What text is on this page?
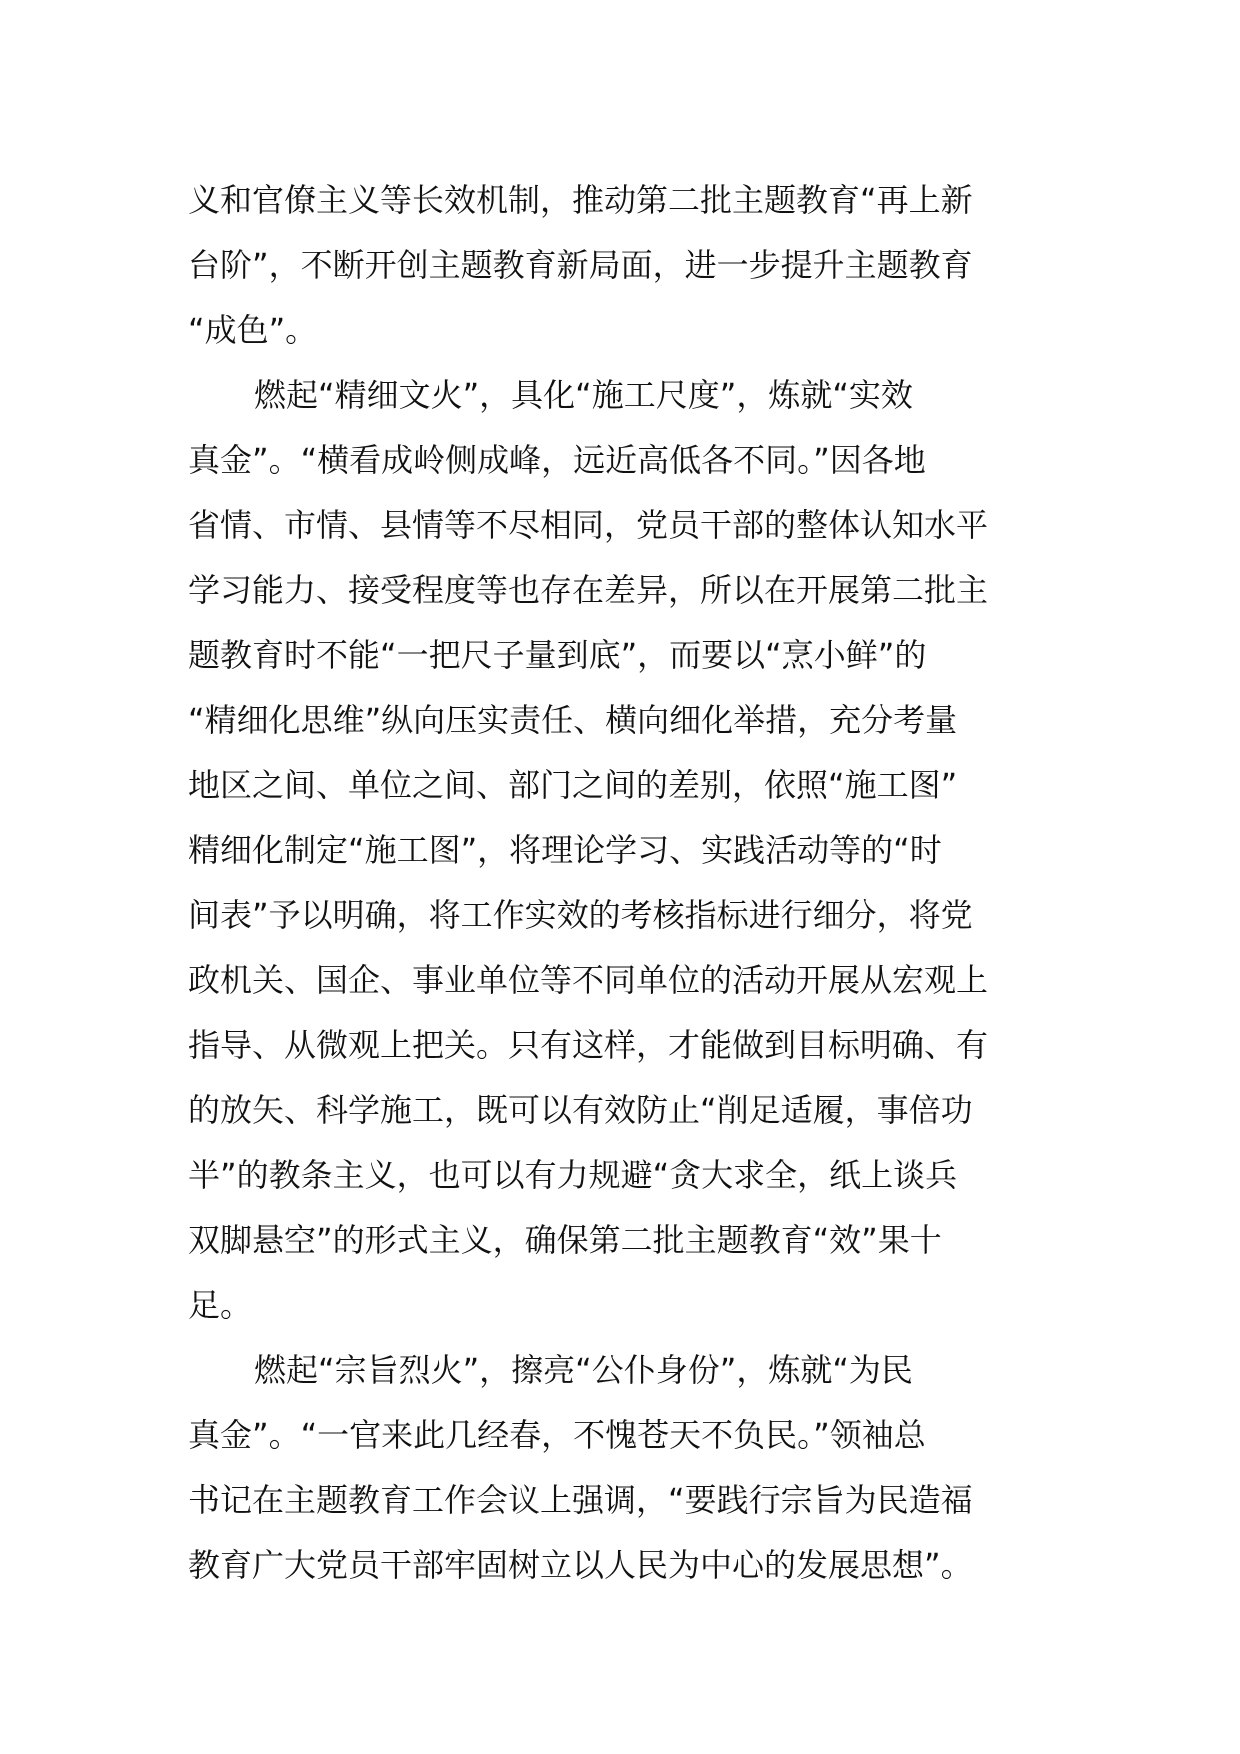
义和官僚主义等长效机制，推动第二批主题教育“再上新
台阶”，不断开创主题教育新局面，进一步提升主题教育
“成色”。
燃起“精细文火”，具化“施工尺度”，炼就“实效
真金”。“横看成岭侧成峰，远近高低各不同。”因各地
省情、市情、县情等不尽相同，党员干部的整体认知水平
学习能力、接受程度等也存在差异，所以在开展第二批主
题教育时不能“一把尺子量到底”，而要以“烹小鲜”的
“精细化思维”纵向压实责任、横向细化举措，充分考量
地区之间、单位之间、部门之间的差别，依照“施工图”
精细化制定“施工图”，将理论学习、实践活动等的“时
间表”予以明确，将工作实效的考核指标进行细分，将党
政机关、国企、事业单位等不同单位的活动开展从宏观上
指导、从微观上把关。只有这样，才能做到目标明确、有
的放矢、科学施工，既可以有效防止“削足适履，事倍功
半”的教条主义，也可以有力规避“贪大求全，纸上谈兵
双脚悬空”的形式主义，确保第二批主题教育“效”果十
足。
燃起“宗旨烈火”，擦亮“公仆身份”，炼就“为民
真金”。“一官来此几经春，不愧苍天不负民。”领袖总
书记在主题教育工作会议上强调，“要践行宗旨为民造福
教育广大党员干部牢固树立以人民为中心的发展思想”。
